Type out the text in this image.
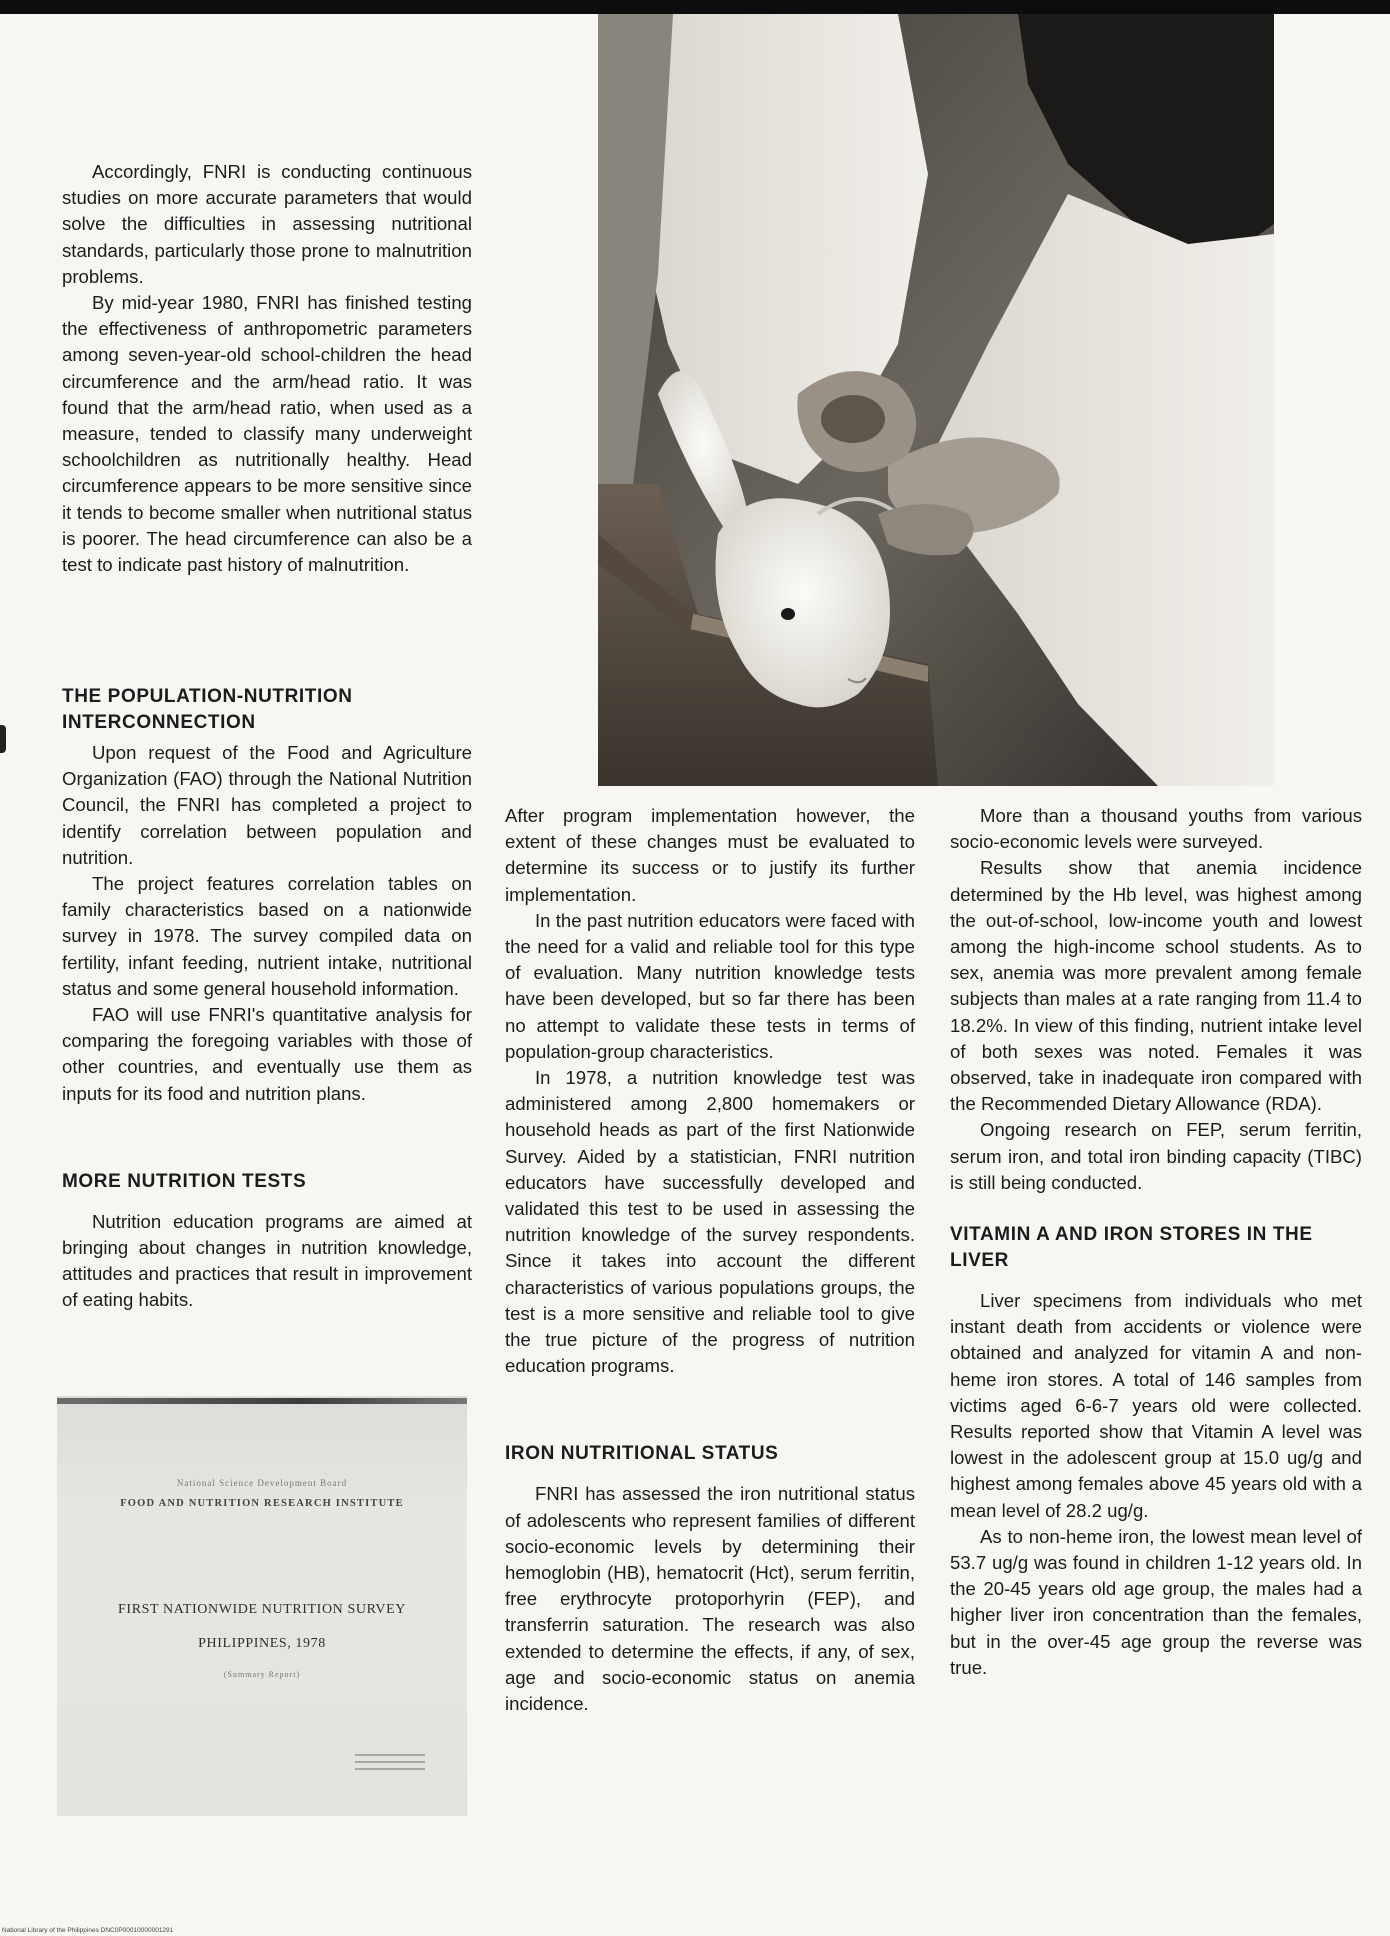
Accordingly, FNRI is conducting continuous studies on more accurate parameters that would solve the difficulties in assessing nutritional standards, particularly those prone to malnutrition problems.

By mid-year 1980, FNRI has finished testing the effectiveness of anthropometric parameters among seven-year-old school-children the head circumference and the arm/head ratio. It was found that the arm/head ratio, when used as a measure, tended to classify many underweight schoolchildren as nutritionally healthy. Head circumference appears to be more sensitive since it tends to become smaller when nutritional status is poorer. The head circumference can also be a test to indicate past history of malnutrition.

THE POPULATION-NUTRITION INTERCONNECTION

Upon request of the Food and Agriculture Organization (FAO) through the National Nutrition Council, the FNRI has completed a project to identify correlation between population and nutrition.

The project features correlation tables on family characteristics based on a nationwide survey in 1978. The survey compiled data on fertility, infant feeding, nutrient intake, nutritional status and some general household information.

FAO will use FNRI's quantitative analysis for comparing the foregoing variables with those of other countries, and eventually use them as inputs for its food and nutrition plans.

MORE NUTRITION TESTS

Nutrition education programs are aimed at bringing about changes in nutrition knowledge, attitudes and practices that result in improvement of eating habits.

After program implementation however, the extent of these changes must be evaluated to determine its success or to justify its further implementation.

In the past nutrition educators were faced with the need for a valid and reliable tool for this type of evaluation. Many nutrition knowledge tests have been developed, but so far there has been no attempt to validate these tests in terms of population-group characteristics.

In 1978, a nutrition knowledge test was administered among 2,800 homemakers or household heads as part of the first Nationwide Survey. Aided by a statistician, FNRI nutrition educators have successfully developed and validated this test to be used in assessing the nutrition knowledge of the survey respondents. Since it takes into account the different characteristics of various populations groups, the test is a more sensitive and reliable tool to give the true picture of the progress of nutrition education programs.

IRON NUTRITIONAL STATUS

FNRI has assessed the iron nutritional status of adolescents who represent families of different socio-economic levels by determining their hemoglobin (HB), hematocrit (Hct), serum ferritin, free erythrocyte protoporhyrin (FEP), and transferrin saturation. The research was also extended to determine the effects, if any, of sex, age and socio-economic status on anemia incidence.

More than a thousand youths from various socio-economic levels were surveyed.

Results show that anemia incidence determined by the Hb level, was highest among the out-of-school, low-income youth and lowest among the high-income school students. As to sex, anemia was more prevalent among female subjects than males at a rate ranging from 11.4 to 18.2%. In view of this finding, nutrient intake level of both sexes was noted. Females it was observed, take in inadequate iron compared with the Recommended Dietary Allowance (RDA).

Ongoing research on FEP, serum ferritin, serum iron, and total iron binding capacity (TIBC) is still being conducted.

VITAMIN A AND IRON STORES IN THE LIVER

Liver specimens from individuals who met instant death from accidents or violence were obtained and analyzed for vitamin A and non-heme iron stores. A total of 146 samples from victims aged 6-6-7 years old were collected. Results reported show that Vitamin A level was lowest in the adolescent group at 15.0 ug/g and highest among females above 45 years old with a mean level of 28.2 ug/g.

As to non-heme iron, the lowest mean level of 53.7 ug/g was found in children 1-12 years old. In the 20-45 years old age group, the males had a higher liver iron concentration than the females, but in the over-45 age group the reverse was true.

National Science Development Board
FOOD AND NUTRITION RESEARCH INSTITUTE
FIRST NATIONWIDE NUTRITION SURVEY
PHILIPPINES, 1978
(Summary Report)
National Library of the Philippines DNC0P00010000001291
